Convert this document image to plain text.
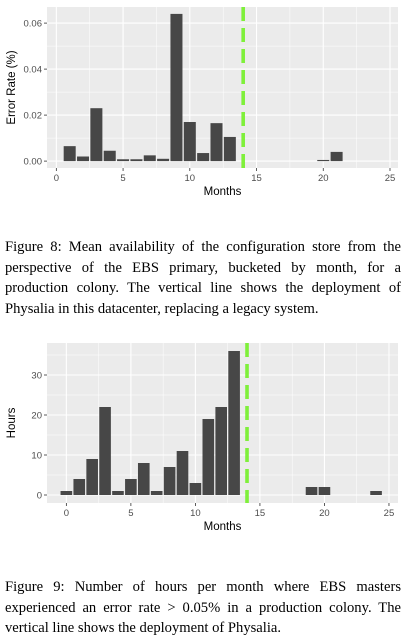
0	5	10	15	20	25
0.00
0.02
0.04
0.06
Months
Error Rate (%)

Figure 8: Mean availability of the configuration store from the perspective of the EBS primary, bucketed by month, for a production colony. The vertical line shows the deployment of Physalia in this datacenter, replacing a legacy system.

0	5	10	15	20	25
0
10
20
30
Months
Hours

Figure 9: Number of hours per month where EBS masters experienced an error rate > 0.05% in a production colony. The vertical line shows the deployment of Physalia.
